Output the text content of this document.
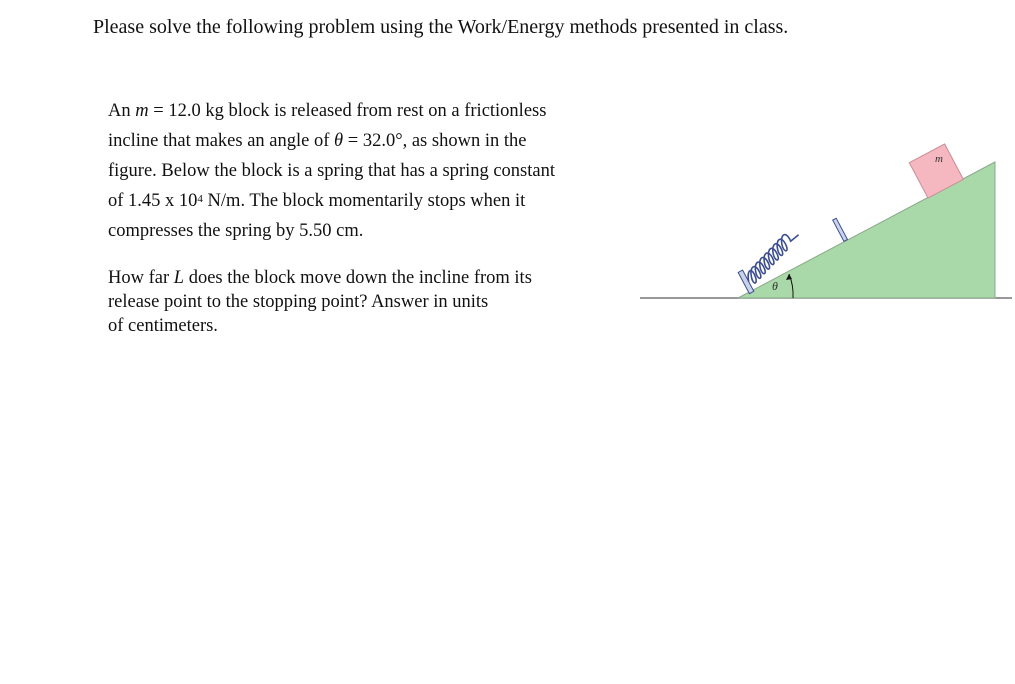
Please solve the following problem using the Work/Energy methods presented in class.

An m = 12.0 kg block is released from rest on a frictionless
incline that makes an angle of θ = 32.0°, as shown in the
figure. Below the block is a spring that has a spring constant
of 1.45 x $10^4$ N/m. The block momentarily stops when it
compresses the spring by 5.50 cm.

How far L does the block move down the incline from its
release point to the stopping point? Answer in units
of centimeters.

m
θ
